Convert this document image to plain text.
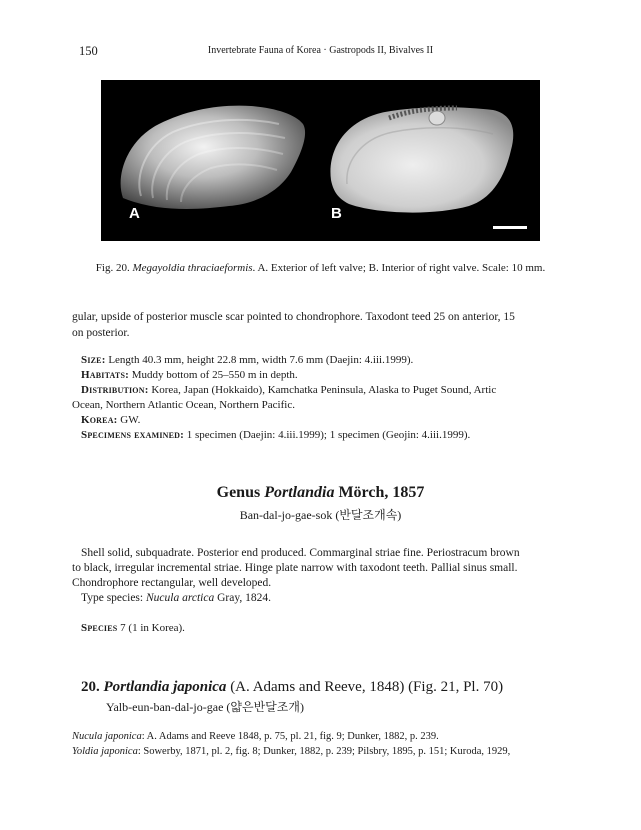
150	Invertebrate Fauna of Korea · Gastropods II, Bivalves II
A	B
Fig. 20. Megayoldia thraciaeformis. A. Exterior of left valve; B. Interior of right valve. Scale: 10 mm.
gular, upside of posterior muscle scar pointed to chondrophore. Taxodont teed 25 on anterior, 15
on posterior.
Size: Length 40.3 mm, height 22.8 mm, width 7.6 mm (Daejin: 4.iii.1999).
Habitats: Muddy bottom of 25–550 m in depth.
Distribution: Korea, Japan (Hokkaido), Kamchatka Peninsula, Alaska to Puget Sound, Artic
Ocean, Northern Atlantic Ocean, Northern Pacific.
Korea: GW.
Specimens examined: 1 specimen (Daejin: 4.iii.1999); 1 specimen (Geojin: 4.iii.1999).
Genus Portlandia Mörch, 1857
Ban-dal-jo-gae-sok (반달조개속)
Shell solid, subquadrate. Posterior end produced. Commarginal striae fine. Periostracum brown
to black, irregular incremental striae. Hinge plate narrow with taxodont teeth. Pallial sinus small.
Chondrophore rectangular, well developed.
Type species: Nucula arctica Gray, 1824.
Species 7 (1 in Korea).
20. Portlandia japonica (A. Adams and Reeve, 1848) (Fig. 21, Pl. 70)
Yalb-eun-ban-dal-jo-gae (얇은반달조개)
Nucula japonica: A. Adams and Reeve 1848, p. 75, pl. 21, fig. 9; Dunker, 1882, p. 239.
Yoldia japonica: Sowerby, 1871, pl. 2, fig. 8; Dunker, 1882, p. 239; Pilsbry, 1895, p. 151; Kuroda, 1929,
